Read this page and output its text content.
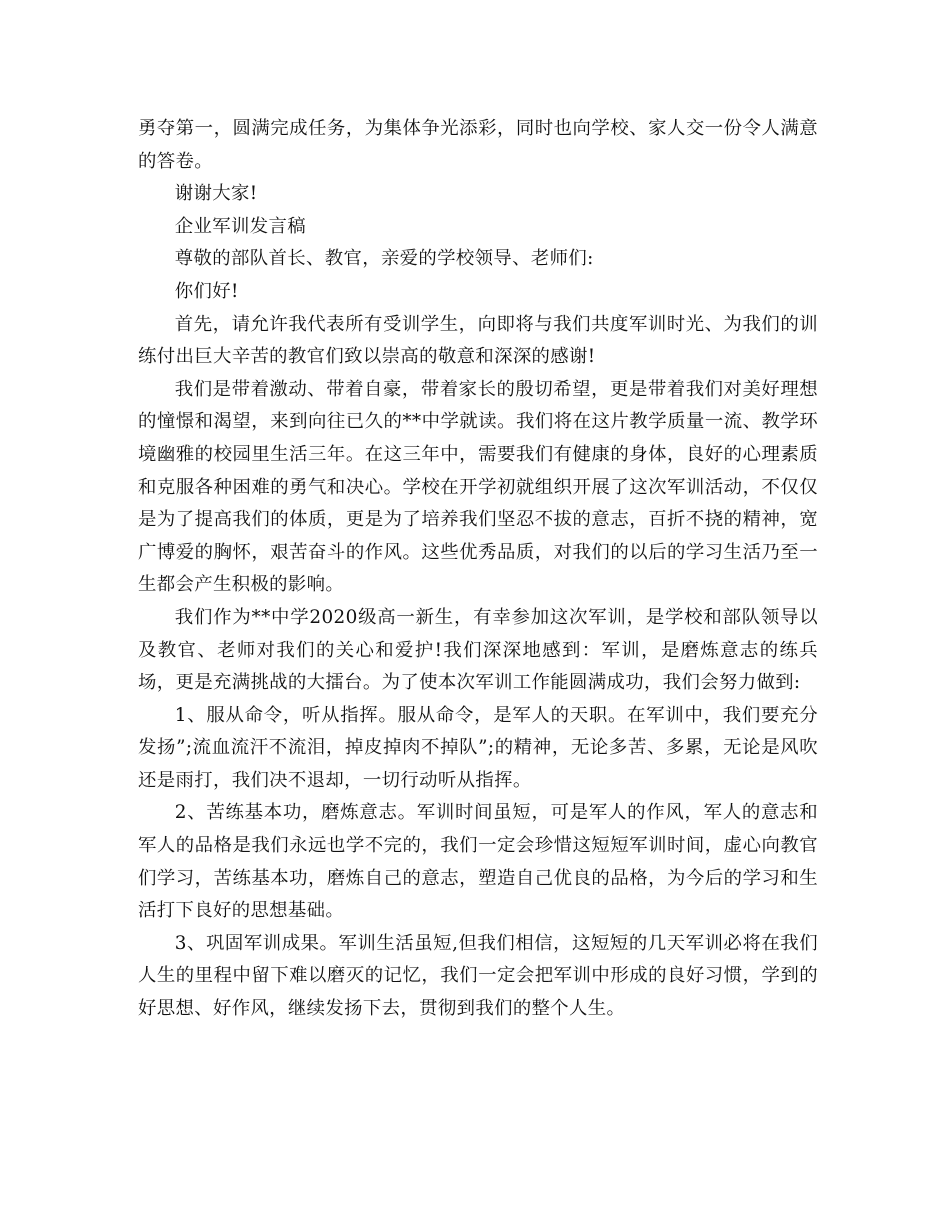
勇夺第一，圆满完成任务，为集体争光添彩，同时也向学校、家人交一份令人满意的答卷。

谢谢大家!

企业军训发言稿

尊敬的部队首长、教官，亲爱的学校领导、老师们:

你们好!

首先，请允许我代表所有受训学生，向即将与我们共度军训时光、为我们的训练付出巨大辛苦的教官们致以崇高的敬意和深深的感谢!

我们是带着激动、带着自豪，带着家长的殷切希望，更是带着我们对美好理想的憧憬和渴望，来到向往已久的**中学就读。我们将在这片教学质量一流、教学环境幽雅的校园里生活三年。在这三年中，需要我们有健康的身体，良好的心理素质和克服各种困难的勇气和决心。学校在开学初就组织开展了这次军训活动，不仅仅是为了提高我们的体质，更是为了培养我们坚忍不拔的意志，百折不挠的精神，宽广博爱的胸怀，艰苦奋斗的作风。这些优秀品质，对我们的以后的学习生活乃至一生都会产生积极的影响。

我们作为**中学2020级高一新生，有幸参加这次军训，是学校和部队领导以及教官、老师对我们的关心和爱护!我们深深地感到：军训，是磨炼意志的练兵场，更是充满挑战的大擂台。为了使本次军训工作能圆满成功，我们会努力做到:

1、服从命令，听从指挥。服从命令，是军人的天职。在军训中，我们要充分发扬”;流血流汗不流泪，掉皮掉肉不掉队”;的精神，无论多苦、多累，无论是风吹还是雨打，我们决不退却，一切行动听从指挥。

2、苦练基本功，磨炼意志。军训时间虽短，可是军人的作风，军人的意志和军人的品格是我们永远也学不完的，我们一定会珍惜这短短军训时间，虚心向教官们学习，苦练基本功，磨炼自己的意志，塑造自己优良的品格，为今后的学习和生活打下良好的思想基础。

3、巩固军训成果。军训生活虽短,但我们相信，这短短的几天军训必将在我们人生的里程中留下难以磨灭的记忆，我们一定会把军训中形成的良好习惯，学到的好思想、好作风，继续发扬下去，贯彻到我们的整个人生。
